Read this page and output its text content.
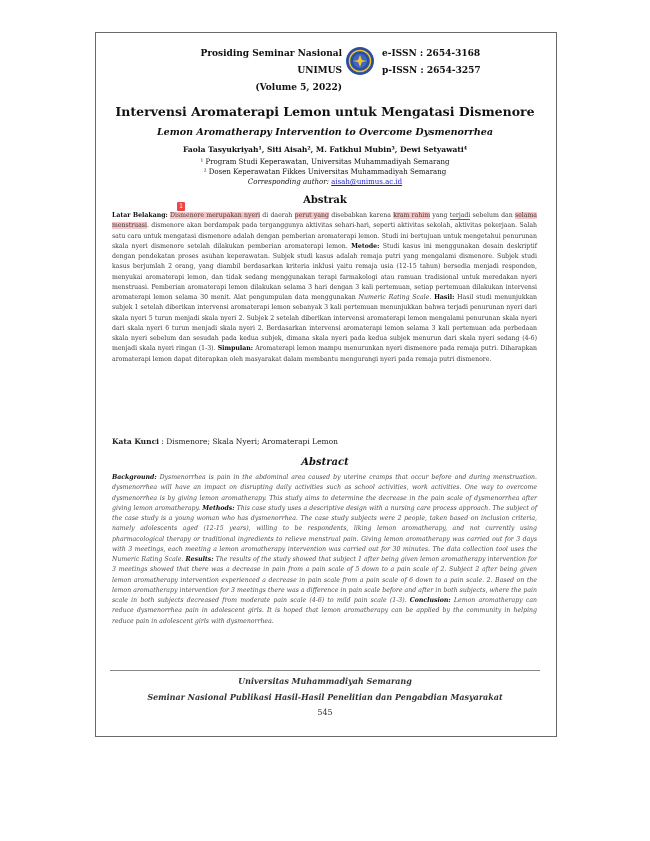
Prosiding Seminar Nasional UNIMUS
(Volume 5, 2022)
e-ISSN : 2654-3168
p-ISSN : 2654-3257
Intervensi Aromaterapi Lemon untuk Mengatasi Dismenore
Lemon Aromatherapy Intervention to Overcome Dysmenorrhea
Faola Tasyukriyah¹, Siti Aisah², M. Fatkhul Mubin³, Dewi Setyawati⁴
¹ Program Studi Keperawatan, Universitas Muhammadiyah Semarang
² Dosen Keperawatan Fikkes Universitas Muhammadiyah Semarang
Corresponding author: aisah@unimus.ac.id
Abstrak
1
Latar Belakang: Dismenore merupakan nyeri di daerah perut yang disebabkan karena kram rahim yang terjadi sebelum dan selama menstruasi. dismenore akan berdampak pada terganggunya aktivitas sehari-hari, seperti aktivitas sekolah, aktivitas pekerjaan. Salah satu cara untuk mengatasi dismenore adalah dengan pemberian aromaterapi lemon. Studi ini bertujuan untuk mengetahui penurunan skala nyeri dismenore setelah dilakukan pemberian aromaterapi lemon. Metode: Studi kasus ini menggunakan desain deskriptif dengan pendekatan proses asuhan keperawatan. Subjek studi kasus adalah remaja putri yang mengalami dismenore. Subjek studi kasus berjumlah 2 orang, yang diambil berdasarkan kriteria inklusi yaitu remaja usia (12-15 tahun) bersedia menjadi responden, menyukai aromaterapi lemon, dan tidak sedang menggunakan terapi farmakologi atau ramuan tradisional untuk meredakan nyeri menstruasi. Pemberian aromaterapi lemon dilakukan selama 3 hari dengan 3 kali pertemuan, setiap pertemuan dilakukan intervensi aromaterapi lemon selama 30 menit. Alat pengumpulan data menggunakan Numeric Rating Scale. Hasil: Hasil studi menunjukkan subjek 1 setelah diberikan intervensi aromaterapi lemon sebanyak 3 kali pertemuan menunjukkan bahwa terjadi penurunan nyeri dari skala nyeri 5 turun menjadi skala nyeri 2. Subjek 2 setelah diberikan intervensi aromaterapi lemon mengalami penurunan skala nyeri dari skala nyeri 6 turun menjadi skala nyeri 2. Berdasarkan intervensi aromaterapi lemon selama 3 kali pertemuan ada perbedaan skala nyeri sebelum dan sesudah pada kedua subjek, dimana skala nyeri pada kedua subjek menurun dari skala nyeri sedang (4-6) menjadi skala nyeri ringan (1-3). Simpulan: Aromaterapi lemon mampu menurunkan nyeri dismenore pada remaja putri. Diharapkan aromaterapi lemon dapat diterapkan oleh masyarakat dalam membantu mengurangi nyeri pada remaja putri dismenore.
Kata Kunci : Dismenore; Skala Nyeri; Aromaterapi Lemon
Abstract
Background: Dysmenorrhea is pain in the abdominal area caused by uterine cramps that occur before and during menstruation. dysmenorrhea will have an impact on disrupting daily activities such as school activities, work activities. One way to overcome dysmenorrhea is by giving lemon aromatherapy. This study aims to determine the decrease in the pain scale of dysmenorrhea after giving lemon aromatherapy. Methods: This case study uses a descriptive design with a nursing care process approach. The subject of the case study is a young woman who has dysmenorrhea. The case study subjects were 2 people, taken based on inclusion criteria, namely adolescents aged (12-15 years), willing to be respondents, liking lemon aromatherapy, and not currently using pharmacological therapy or traditional ingredients to relieve menstrual pain. Giving lemon aromatherapy was carried out for 3 days with 3 meetings, each meeting a lemon aromatherapy intervention was carried out for 30 minutes. The data collection tool uses the Numeric Rating Scale. Results: The results of the study showed that subject 1 after being given lemon aromatherapy intervention for 3 meetings showed that there was a decrease in pain from a pain scale of 5 down to a pain scale of 2. Subject 2 after being given lemon aromatherapy intervention experienced a decrease in pain scale from a pain scale of 6 down to a pain scale. 2. Based on the lemon aromatherapy intervention for 3 meetings there was a difference in pain scale before and after in both subjects, where the pain scale in both subjects decreased from moderate pain scale (4-6) to mild pain scale (1-3). Conclusion: Lemon aromatherapy can reduce dysmenorrhea pain in adolescent girls. It is hoped that lemon aromatherapy can be applied by the community in helping reduce pain in adolescent girls with dysmenorrhea.
Universitas Muhammadiyah Semarang
Seminar Nasional Publikasi Hasil-Hasil Penelitian dan Pengabdian Masyarakat
545
